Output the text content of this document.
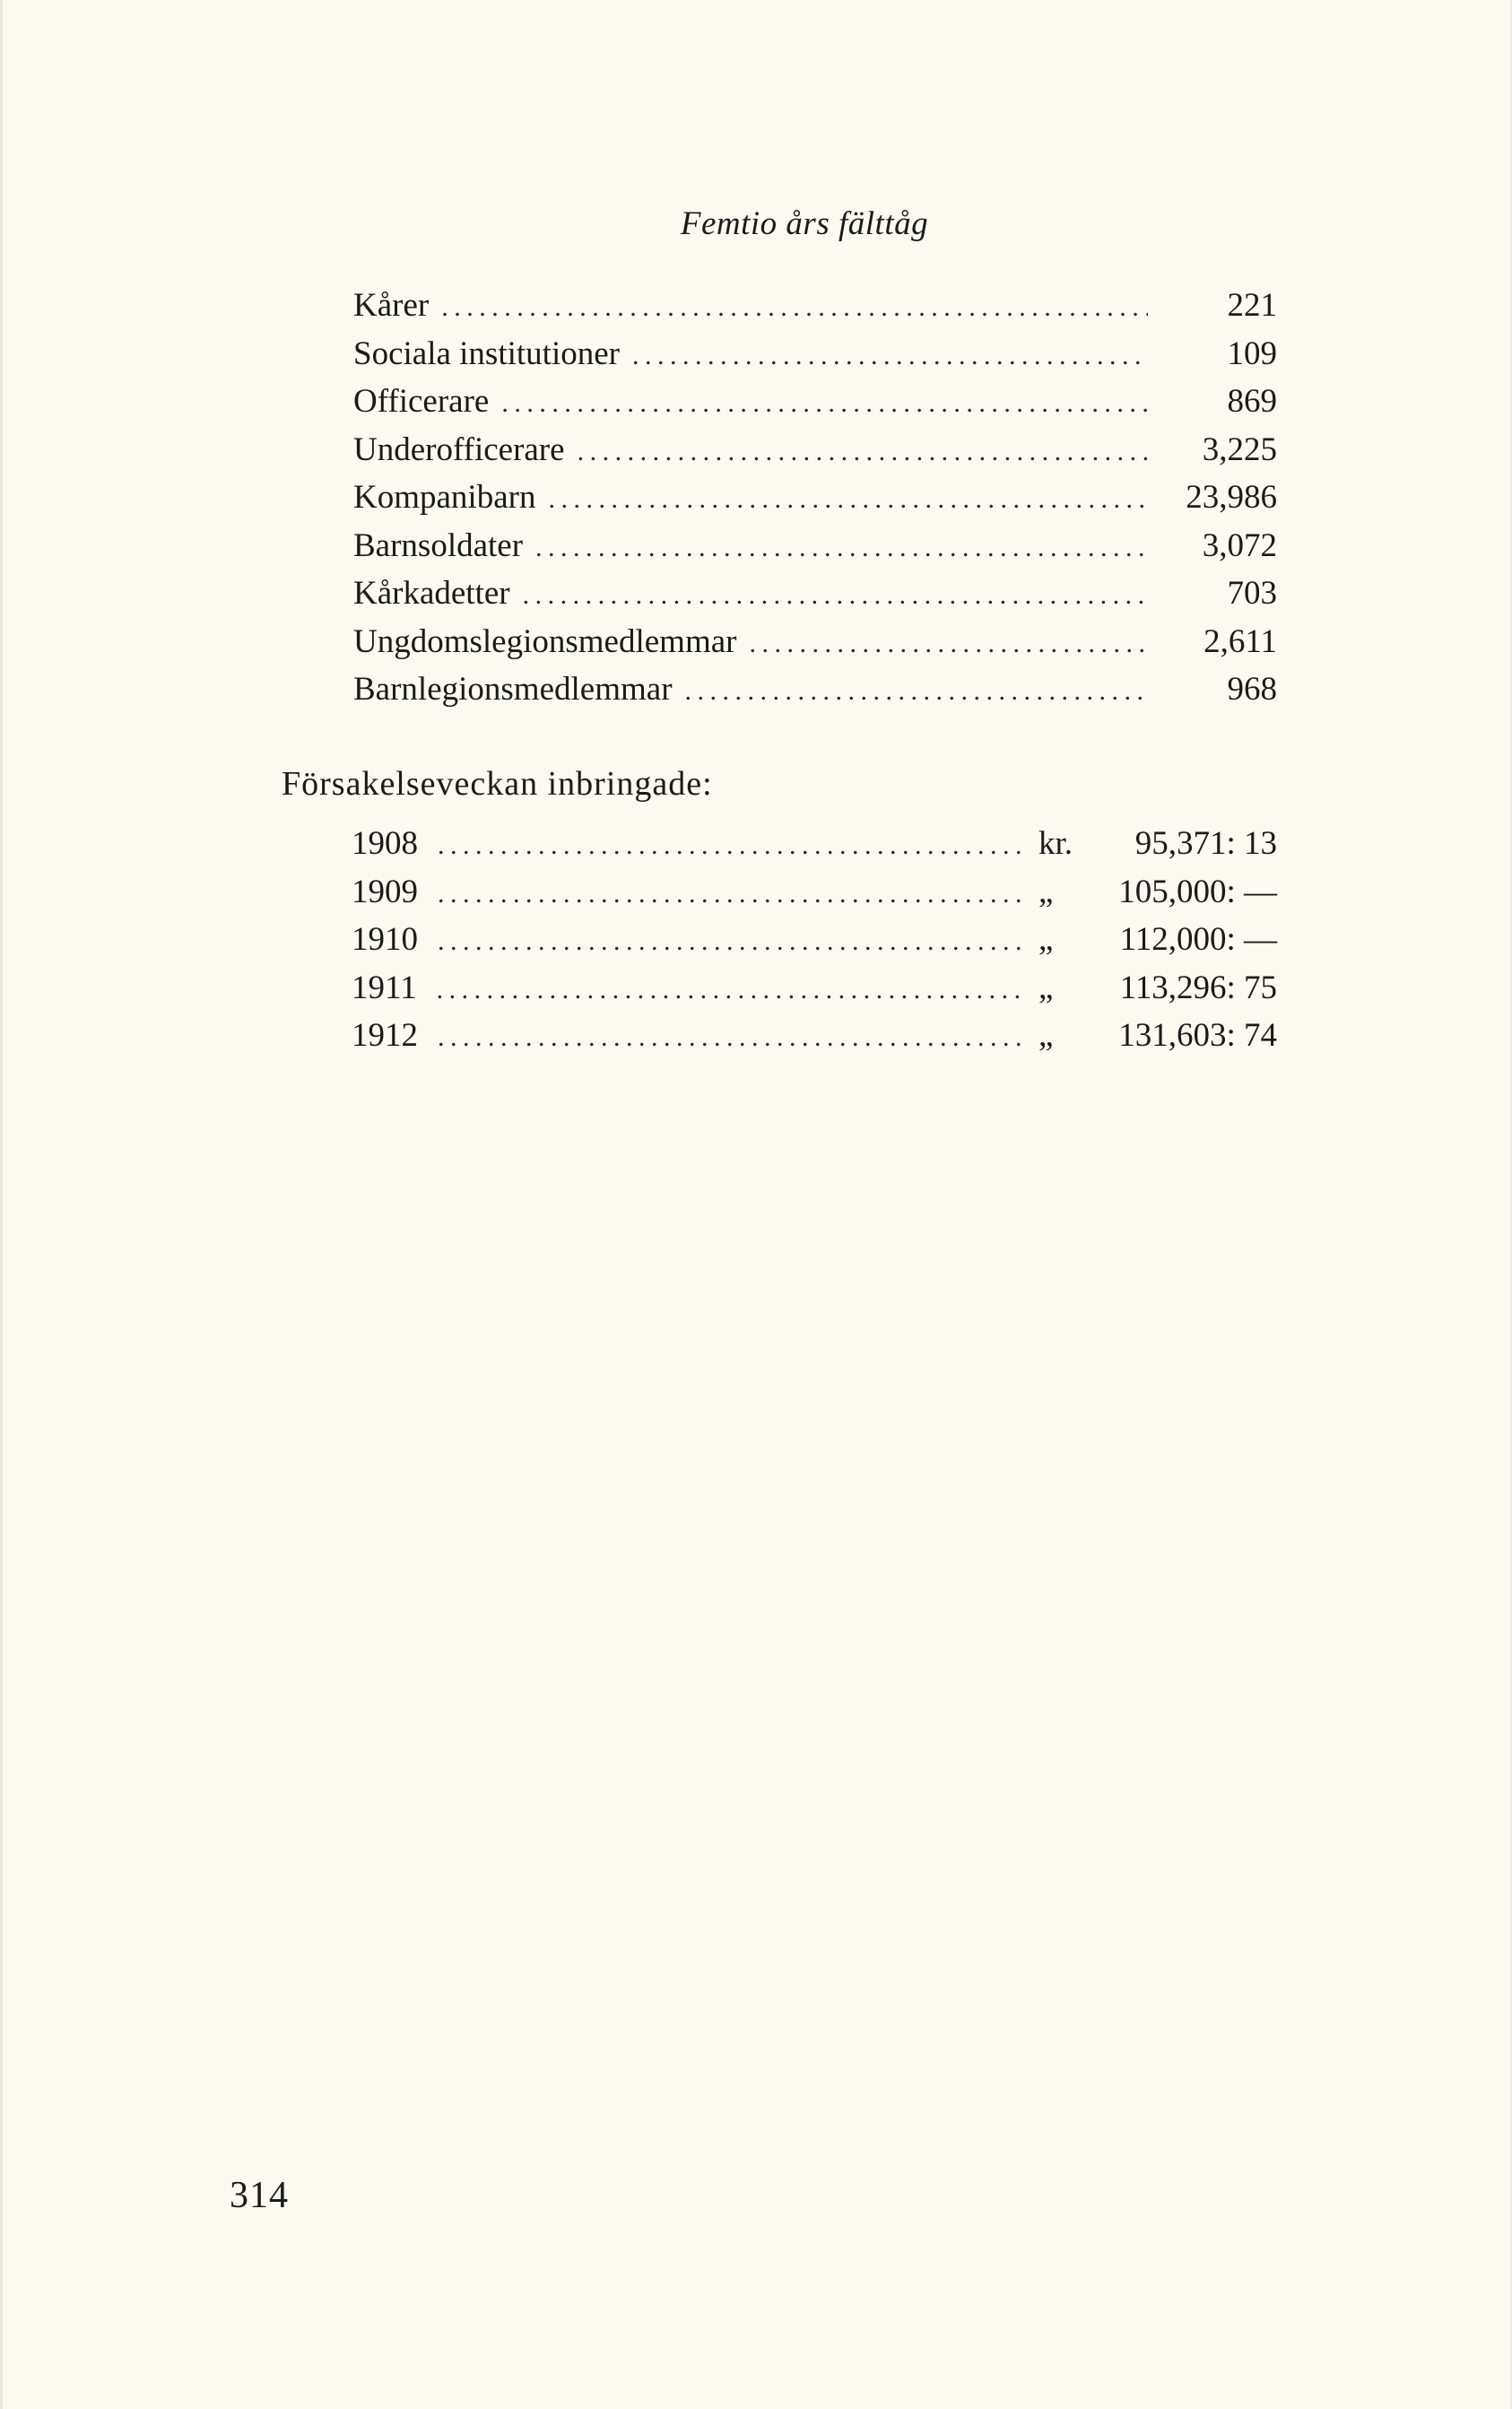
Femtio års fälttåg
Kårer . . .	221
Sociala institutioner . . .	109
Officerare . . .	869
Underofficerare . . .	3,225
Kompanibarn . . .	23,986
Barnsoldater . . .	3,072
Kårkadetter . . .	703
Ungdomslegionsmedlemmar . . .	2,611
Barnlegionsmedlemmar . . .	968
Försakelseveckan inbringade:
1908 . . .	kr.	95,371: 13
1909 . . .	„	105,000: —
1910 . . .	„	112,000: —
1911 . . .	„	113,296: 75
1912 . . .	„	131,603: 74
314
